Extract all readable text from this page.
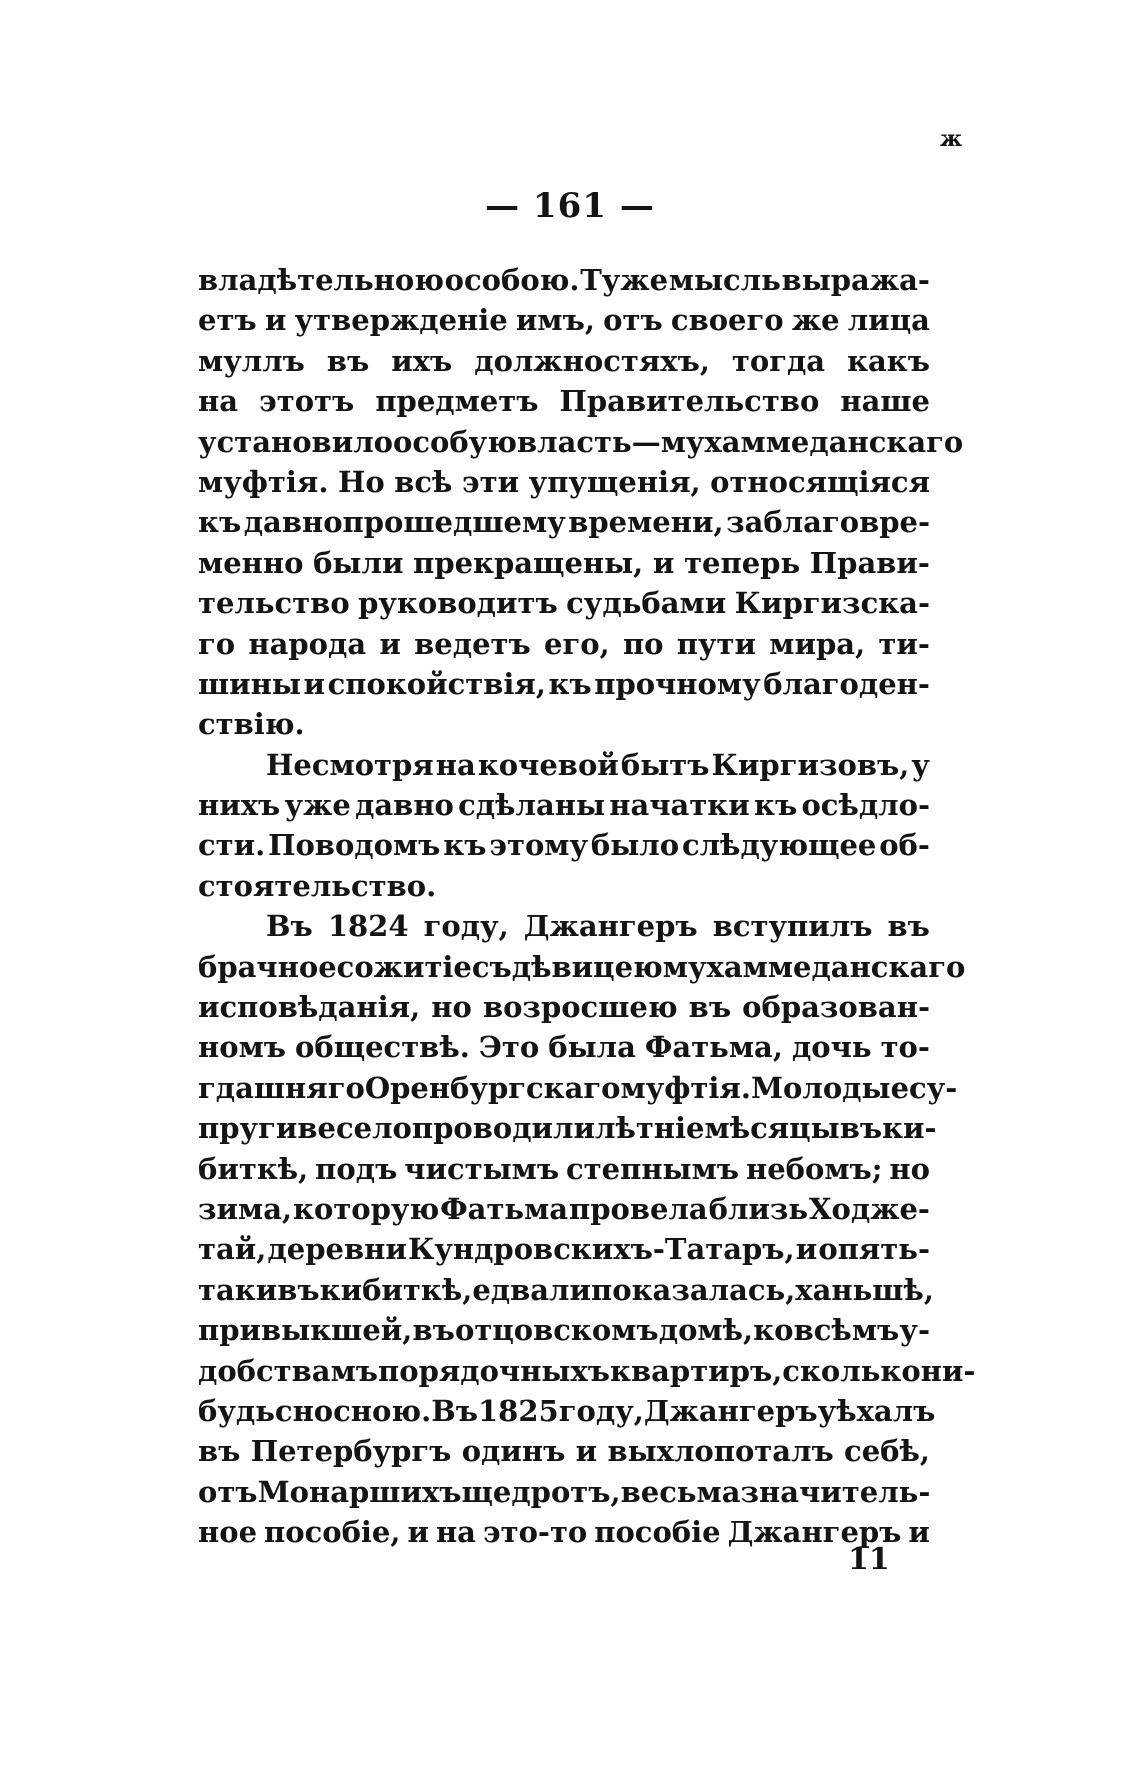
ж
— 161 —
владѣтельною особою. Туже мысль выража-
етъ и утвержденіе имъ, отъ своего же лица
муллъ въ ихъ должностяхъ, тогда какъ
на этотъ предметъ Правительство наше
установило особую власть — мухаммеданскаго
муфтія. Но всѣ эти упущенія, относящіяся
къ давнопрошедшему времени, заблаговре-
менно были прекращены, и теперь Прави-
тельство руководитъ судьбами Киргизска-
го народа и ведетъ его, по пути мира, ти-
шины и спокойствія, къ прочному благоден-
ствію.
Несмотря на кочевой бытъ Киргизовъ, у
нихъ уже давно сдѣланы начатки къ осѣдло-
сти. Поводомъ къ этому было слѣдующее об-
стоятельство.
Въ 1824 году, Джангеръ вступилъ въ
брачное сожитіе съ дѣвицею мухаммеданскаго
исповѣданія, но возросшею въ образован-
номъ обществѣ. Это была Фатьма, дочь то-
гдашняго Оренбургскаго муфтія. Молодые су-
пруги весело проводили лѣтніе мѣсяцы въ ки-
биткѣ, подъ чистымъ степнымъ небомъ; но
зима, которую Фатьма провела близь Ходже-
тай, деревни Кундровскихъ-Татаръ, и опять-
таки въ кибиткѣ, едвали показалась, ханьшѣ,
привыкшей, въ отцовскомъ домѣ, ко всѣмъ у-
добствамъ порядочныхъ квартиръ, сколько ни-
будь сносною. Въ 1825 году, Джангеръ уѣхалъ
въ Петербургъ одинъ и выхлопоталъ себѣ,
отъ Монаршихъ щедротъ, весьма значитель-
ное пособіе, и на это-то пособіе Джангеръ и
11
